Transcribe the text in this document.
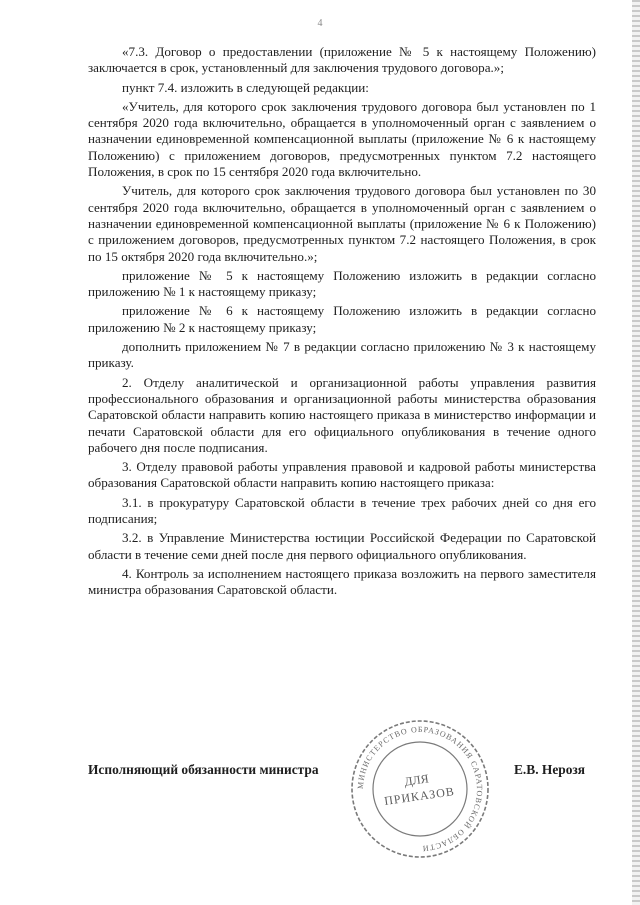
4

«7.3. Договор о предоставлении (приложение № 5 к настоящему Положению) заключается в срок, установленный для заключения трудового договора.»;

пункт 7.4. изложить в следующей редакции:

«Учитель, для которого срок заключения трудового договора был установлен по 1 сентября 2020 года включительно, обращается в уполномоченный орган с заявлением о назначении единовременной компенсационной выплаты (приложение № 6 к настоящему Положению) с приложением договоров, предусмотренных пунктом 7.2 настоящего Положения, в срок по 15 сентября 2020 года включительно.

Учитель, для которого срок заключения трудового договора был установлен по 30 сентября 2020 года включительно, обращается в уполномоченный орган с заявлением о назначении единовременной компенсационной выплаты (приложение № 6 к Положению) с приложением договоров, предусмотренных пунктом 7.2 настоящего Положения, в срок по 15 октября 2020 года включительно.»;

приложение № 5 к настоящему Положению изложить в редакции согласно приложению № 1 к настоящему приказу;

приложение № 6 к настоящему Положению изложить в редакции согласно приложению № 2 к настоящему приказу;

дополнить приложением № 7 в редакции согласно приложению № 3 к настоящему приказу.

2. Отделу аналитической и организационной работы управления развития профессионального образования и организационной работы министерства образования Саратовской области направить копию настоящего приказа в министерство информации и печати Саратовской области для его официального опубликования в течение одного рабочего дня после подписания.

3. Отделу правовой работы управления правовой и кадровой работы министерства образования Саратовской области направить копию настоящего приказа:

3.1. в прокуратуру Саратовской области в течение трех рабочих дней со дня его подписания;

3.2. в Управление Министерства юстиции Российской Федерации по Саратовской области в течение семи дней после дня первого официального опубликования.

4. Контроль за исполнением настоящего приказа возложить на первого заместителя министра образования Саратовской области.

МИНИСТЕРСТВО ОБРАЗОВАНИЯ САРАТОВСКОЙ ОБЛАСТИ
ДЛЯ
ПРИКАЗОВ
Исполняющий обязанности министра	Е.В. Нерозя
